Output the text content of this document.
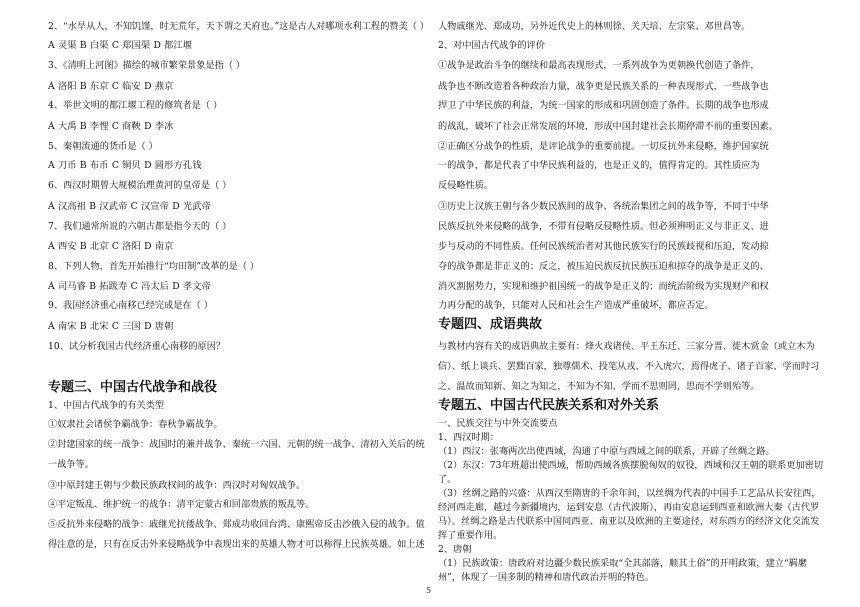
2、“水旱从人，不知饥馑，时无荒年，天下谓之天府也。”这是古人对哪项水利工程的赞美（ ）
A 灵渠 B 白渠 C 郑国渠 D 都江堰
3、《清明上河图》描绘的城市繁荣景象是指（ ）
A 洛阳 B 东京 C 临安 D 燕京
4、举世文明的都江堰工程的修筑者是（ ）
A 大禹 B 李悝 C 商鞅 D 李冰
5、秦朝流通的货币是（ ）
A 刀币 B 布币 C 铜贝 D 圆形方孔钱
6、西汉时期曾大规模治理黄河的皇帝是（ ）
A 汉高祖 B 汉武帝 C 汉宣帝 D 光武帝
7、我们通常所说的六朝古都是指今天的（ ）
A 西安 B 北京 C 洛阳 D 南京
8、下列人物，首先开始推行“均田制”改革的是（ ）
A 司马睿 B 拓跋寿 C 冯太后 D 孝文帝
9、我国经济重心南移已经完成是在（ ）
A 南宋 B 北宋 C 三国 D 唐朝
10、试分析我国古代经济重心南移的原因？
专题三、中国古代战争和战役
1、中国古代战争的有关类型
①奴隶社会诸侯争霸战争：春秋争霸战争。
②封建国家的统一战争：战国时的兼并战争、秦统一六国、元朝的统一战争、清初入关后的统
一战争等。
③中原封建王朝与少数民族政权间的战争：西汉时对匈奴战争。
④平定叛乱、维护统一的战争：清平定蒙古和回部贵族的叛乱等。
⑤反抗外来侵略的战争：戚继光抗倭战争、郑成功收回台湾、康熙帝反击沙俄入侵的战争。值
得注意的是，只有在反击外来侵略战争中表现出来的英雄人物才可以称得上民族英雄。如上述
人物戚继光、郑成功，另外近代史上的林则徐、关天培、左宗棠、邓世昌等。
2、对中国古代战争的评价
①战争是政治斗争的继续和最高表现形式，一系列战争为更朝换代创造了条件，
战争也不断改造着各种政治力量，战争更是民族关系的一种表现形式，一些战争也
捍卫了中华民族的利益，为统一国家的形成和巩固创造了条件。长期的战争也形成
的战乱，破坏了社会正常发展的环境，形成中国封建社会长期停滞不前的重要因素。
②正确区分战争的性质，是评论战争的重要前提。一切反抗外来侵略，维护国家统
一的战争，都是代表了中华民族利益的，也是正义的，值得肯定的。其性质应为
反侵略性质。
③历史上汉族王朝与各少数民族间的战争、各统治集团之间的战争等，不同于中华
民族反抗外来侵略的战争，不带有侵略反侵略性质。但必须辨明正义与非正义、进
步与反动的不同性质。任何民族统治者对其他民族实行的民族歧视和压迫，发动掠
夺的战争都是非正义的；反之，被压迫民族反抗民族压迫和掠夺的战争是正义的、
消灭割据势力，实现和维护祖国统一的战争是正义的；而统治阶级为实现财产和权
力再分配的战争，只能对人民和社会生产造成严重破坏，都应否定。
专题四、成语典故
与教材内容有关的成语典故主要有：烽火戏诸侯、平王东迁、三家分晋、徙木赏金（或立木为
信）、纸上谈兵、罢黜百家，独尊儒术、投笔从戎、不入虎穴，焉得虎子、诸子百家、学而时习
之、温故而知新、知之为知之，不知为不知、学而不思则罔，思而不学则殆等。
专题五、中国古代民族关系和对外关系
一、民族交往与中外交流要点
1、西汉时期：
（1）西汉：张骞两次出使西域，沟通了中原与西域之间的联系，开辟了丝绸之路。
（2）东汉：73年班超出使西域，帮助西域各族摆脱匈奴的奴役，西域和汉王朝的联系更加密切
了。
（3）丝绸之路的兴盛：从西汉至隋唐的千余年间，以丝绸为代表的中国手工艺品从长安往西，
经河西走廊，越过今新疆境内，运到安息（古代波斯），再由安息运到西亚和欧洲大秦（古代罗
马）。丝绸之路是古代联系中国同西亚、南亚以及欧洲的主要途径，对东西方的经济文化交流发
挥了重要作用。
2、唐朝
（1）民族政策：唐政府对边疆少数民族采取“全其部落，顺其土俗”的开明政策，建立“羁縻
州”，体现了一国多制的精神和唐代政治开明的特色。
5
